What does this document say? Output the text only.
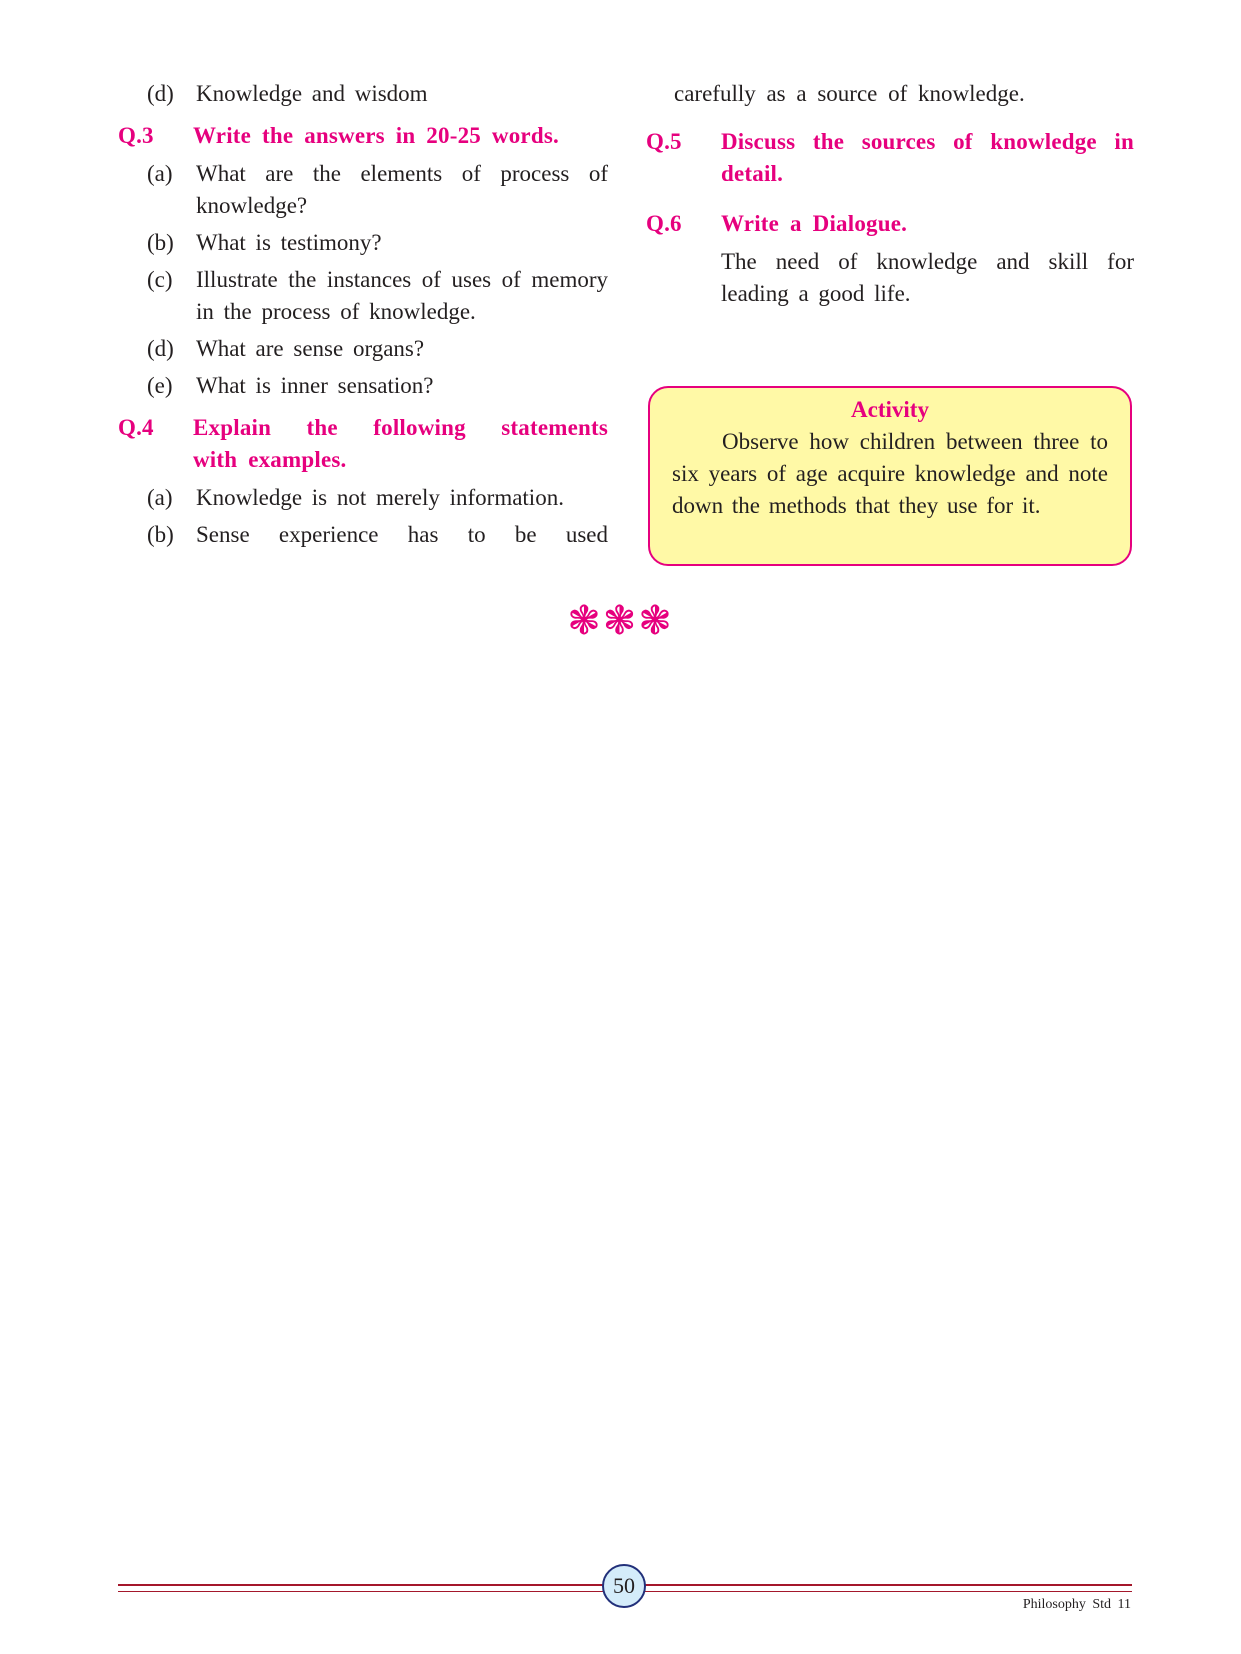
(d) Knowledge and wisdom
Q.3	Write the answers in 20-25 words.
(a)	What are the elements of process of knowledge?
(b) What is testimony?
(c)	Illustrate the instances of uses of memory in the process of knowledge.
(d) What are sense organs?
(e)	What is inner sensation?
Q.4	Explain the following statements
with examples.
(a)	Knowledge is not merely information.
(b) Sense experience has to be used
carefully as a source of knowledge.
Q.5	Discuss the sources of knowledge in detail.
Q.6	Write a Dialogue.
The need of knowledge and skill for leading a good life.
Activity
Observe how children between three to six years of age acquire knowledge and note down the methods that they use for it.
❃❃❃
50
Philosophy Std 11
